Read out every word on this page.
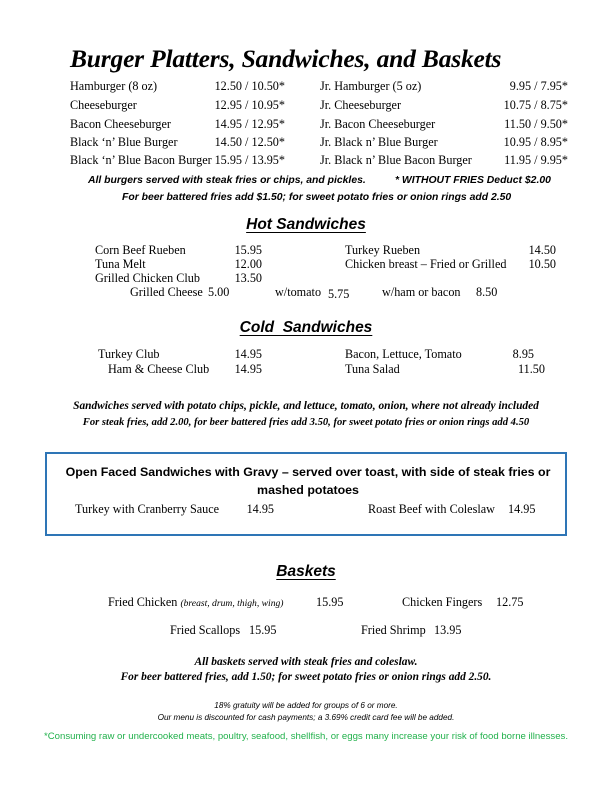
Burger Platters, Sandwiches, and Baskets
Hamburger (8 oz)	12.50 / 10.50*	Jr. Hamburger (5 oz)	9.95 / 7.95*
Cheeseburger	12.95 / 10.95*	Jr. Cheeseburger	10.75 / 8.75*
Bacon Cheeseburger	14.95 / 12.95*	Jr. Bacon Cheeseburger	11.50 / 9.50*
Black ‘n’ Blue Burger	14.50 / 12.50*	Jr. Black n’ Blue Burger	10.95 / 8.95*
Black ‘n’ Blue Bacon Burger 15.95 / 13.95*	Jr. Black n’ Blue Bacon Burger	11.95 / 9.95*
All burgers served with steak fries or chips, and pickles.	* WITHOUT FRIES Deduct $2.00
For beer battered fries add $1.50; for sweet potato fries or onion rings add 2.50
Hot Sandwiches
Corn Beef Rueben	15.95	Turkey Rueben	14.50
Tuna Melt	12.00	Chicken breast – Fried or Grilled	10.50
Grilled Chicken Club	13.50
Grilled Cheese 5.00	w/tomato 5.75	w/ham or bacon	8.50
Cold  Sandwiches
Turkey Club	14.95	Bacon, Lettuce, Tomato	8.95
Ham & Cheese Club	14.95	Tuna Salad	11.50
Sandwiches served with potato chips, pickle, and lettuce, tomato, onion, where not already included
For steak fries, add 2.00, for beer battered fries add 3.50, for sweet potato fries or onion rings add 4.50
Open Faced Sandwiches with Gravy – served over toast, with side of steak fries or mashed potatoes
Turkey with Cranberry Sauce	14.95	Roast Beef with Coleslaw	14.95
Baskets
Fried Chicken (breast, drum, thigh, wing)	15.95	Chicken Fingers	12.75
Fried Scallops 15.95	Fried Shrimp 13.95
All baskets served with steak fries and coleslaw.
For beer battered fries, add 1.50; for sweet potato fries or onion rings add 2.50.
18% gratuity will be added for groups of 6 or more.
Our menu is discounted for cash payments; a 3.69% credit card fee will be added.
*Consuming raw or undercooked meats, poultry, seafood, shellfish, or eggs many increase your risk of food borne illnesses.
